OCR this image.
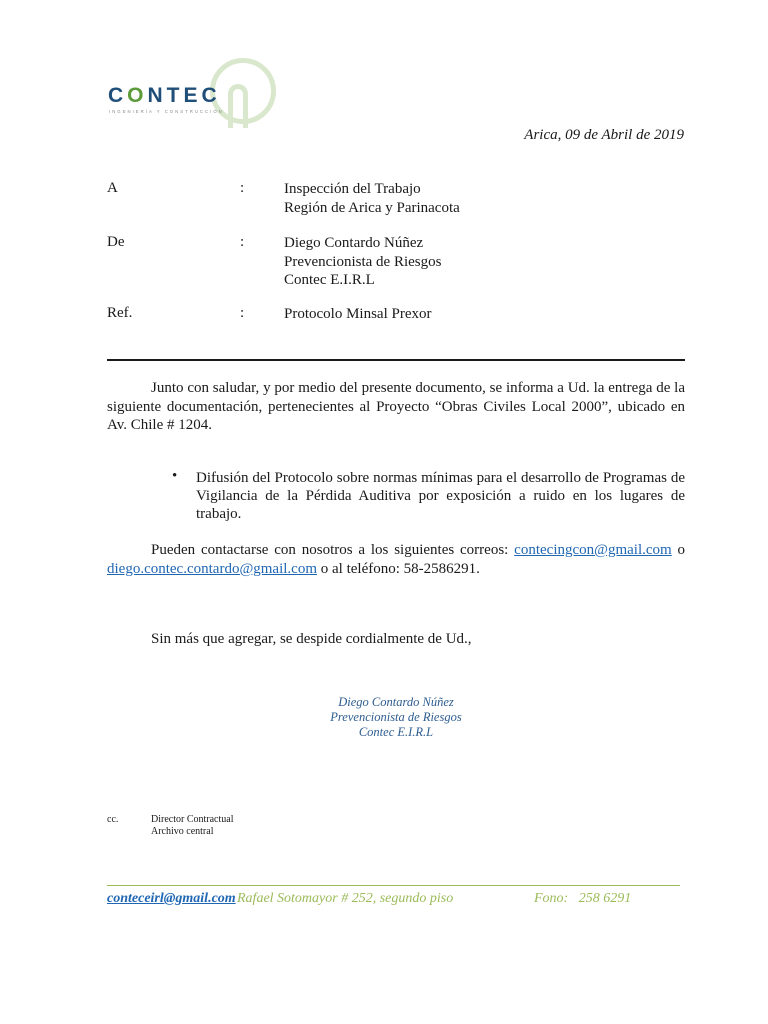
CONTEC
INGENIERÍA Y CONSTRUCCIÓN
Arica, 09 de Abril de 2019
A	:	Inspección del Trabajo
Región de Arica y Parinacota
De	:	Diego Contardo Núñez
Prevencionista de Riesgos
Contec E.I.R.L
Ref.	:	Protocolo Minsal Prexor
Junto con saludar, y por medio del presente documento, se informa a Ud. la entrega de la siguiente documentación, pertenecientes al Proyecto “Obras Civiles Local 2000”, ubicado en Av. Chile # 1204.
• Difusión del Protocolo sobre normas mínimas para el desarrollo de Programas de Vigilancia de la Pérdida Auditiva por exposición a ruido en los lugares de trabajo.
Pueden contactarse con nosotros a los siguientes correos: contecingcon@gmail.com o diego.contec.contardo@gmail.com o al teléfono: 58-2586291.
Sin más que agregar, se despide cordialmente de Ud.,
Diego Contardo Núñez
Prevencionista de Riesgos
Contec E.I.R.L
cc.	Director Contractual
Archivo central
conteceirl@gmail.com Rafael Sotomayor # 252, segundo piso	Fono:   258 6291
